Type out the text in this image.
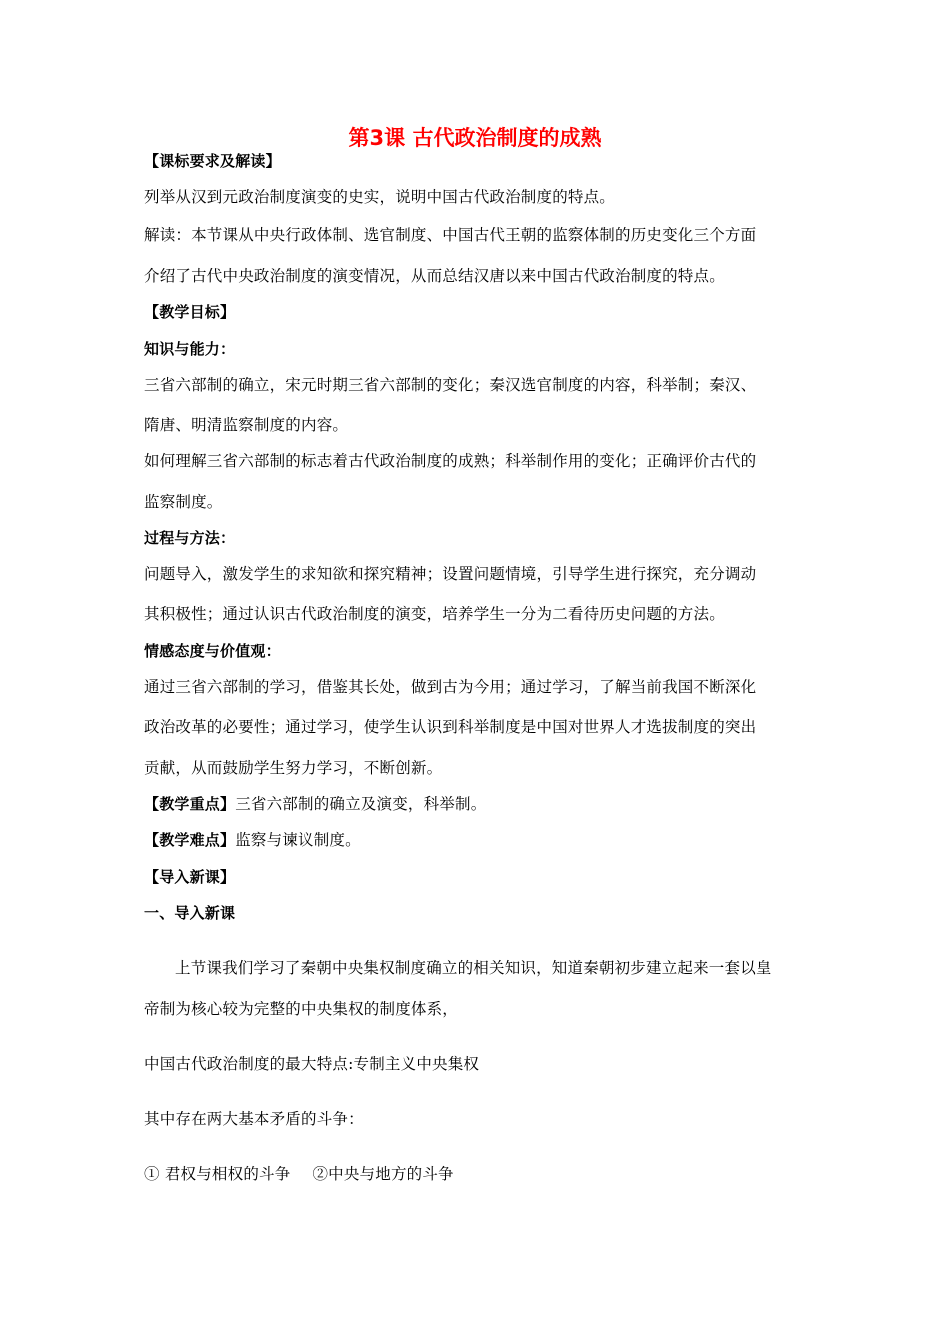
第3课 古代政治制度的成熟
【课标要求及解读】
列举从汉到元政治制度演变的史实，说明中国古代政治制度的特点。
解读：本节课从中央行政体制、选官制度、中国古代王朝的监察体制的历史变化三个方面
介绍了古代中央政治制度的演变情况，从而总结汉唐以来中国古代政治制度的特点。
【教学目标】
知识与能力：
三省六部制的确立，宋元时期三省六部制的变化；秦汉选官制度的内容，科举制；秦汉、
隋唐、明清监察制度的内容。
如何理解三省六部制的标志着古代政治制度的成熟；科举制作用的变化；正确评价古代的
监察制度。
过程与方法：
问题导入，激发学生的求知欲和探究精神；设置问题情境，引导学生进行探究，充分调动
其积极性；通过认识古代政治制度的演变，培养学生一分为二看待历史问题的方法。
情感态度与价值观：
通过三省六部制的学习，借鉴其长处，做到古为今用；通过学习，了解当前我国不断深化
政治改革的必要性；通过学习，使学生认识到科举制度是中国对世界人才选拔制度的突出
贡献，从而鼓励学生努力学习，不断创新。
【教学重点】三省六部制的确立及演变，科举制。
【教学难点】监察与谏议制度。
【导入新课】
一、导入新课
上节课我们学习了秦朝中央集权制度确立的相关知识，知道秦朝初步建立起来一套以皇
帝制为核心较为完整的中央集权的制度体系，
中国古代政治制度的最大特点:专制主义中央集权
其中存在两大基本矛盾的斗争：
① 君权与相权的斗争 ②中央与地方的斗争
